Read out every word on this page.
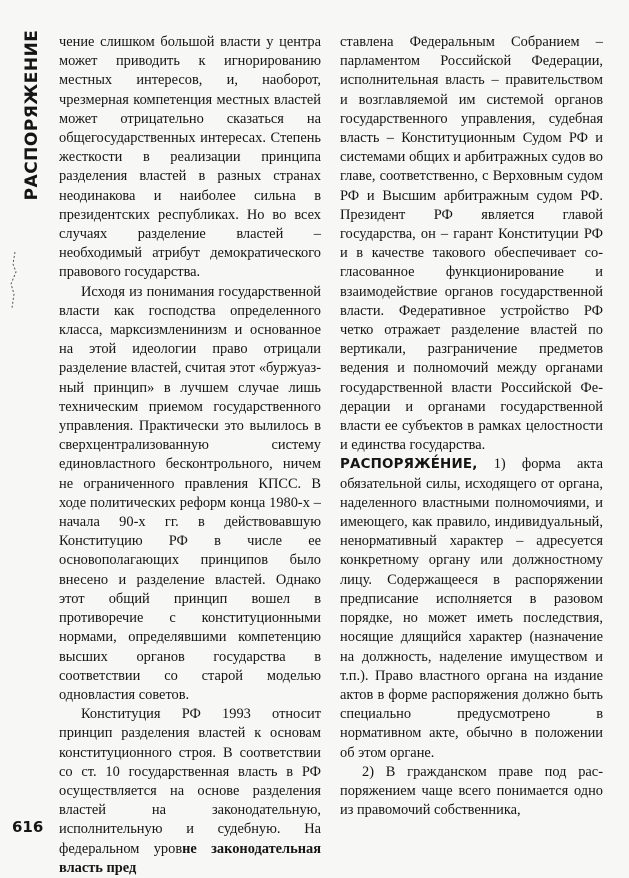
РАСПОРЯЖЕНИЕ чение слишком большой власти у центра может приводить к игнорированию местных интересов, и, наоборот, чрезмерная компетенция местных властей может отрицательно сказаться на общегосударственных интересах. Степень жесткости в реализации принципа разделения властей в разных странах неодинакова и наиболее сильна в президентских республиках. Но во всех случаях разделение властей – необходимый атрибут демократического правового государства.

Исходя из понимания государственной власти как господства определенного класса, марксизмленинизм и основанное на этой идеологии право отрицали разделение властей, считая этот «буржуазный принцип» в лучшем случае лишь техническим приемом государственного управления. Практически это вылилось в сверхцентрализованную систему единовластного бесконтрольного, ничем не ограниченного правления КПСС. В ходе политических реформ конца 1980-х – начала 90-х гг. в действовавшую Конституцию РФ в числе ее основополагающих принципов было внесено и разделение властей. Однако этот общий принцип вошел в противоречие с конституционными нормами, определявшими компетенцию высших органов государства в соответствии со старой моделью одновластия советов.

Конституция РФ 1993 относит принцип разделения властей к основам конституционного строя. В соответствии со ст. 10 государственная власть в РФ осуществляется на основе разделения властей на законодательную, исполнительную и судебную. На федеральном уровне законодательная власть пред

ставлена Федеральным Собранием – парламентом Российской Федерации, исполнительная власть – правительством и возглавляемой им системой органов государственного управления, судебная власть – Конституционным Судом РФ и системами общих и арбитражных судов во главе, соответственно, с Верховным судом РФ и Высшим арбитражным судом РФ. Президент РФ является главой государства, он – гарант Конституции РФ и в качестве такового обеспечивает согласованное функционирование и взаимодействие органов государственной власти. Федеративное устройство РФ четко отражает разделение властей по вертикали, разграничение предметов ведения и полномочий между органами государственной власти Российской Федерации и органами государственной власти ее субъектов в рамках целостности и единства государства.

РАСПОРЯЖЕ́НИЕ, 1) форма акта обязательной силы, исходящего от органа, наделенного властными полномочиями, и имеющего, как правило, индивидуальный, ненормативный характер – адресуется конкретному органу или должностному лицу. Содержащееся в распоряжении предписание исполняется в разовом порядке, но может иметь последствия, носящие длящийся характер (назначение на должность, наделение имуществом и т.п.). Право властного органа на издание актов в форме распоряжения должно быть специально предусмотрено в нормативном акте, обычно в положении об этом органе.

2) В гражданском праве под распоряжением чаще всего понимается одно из правомочий собственника,

616
